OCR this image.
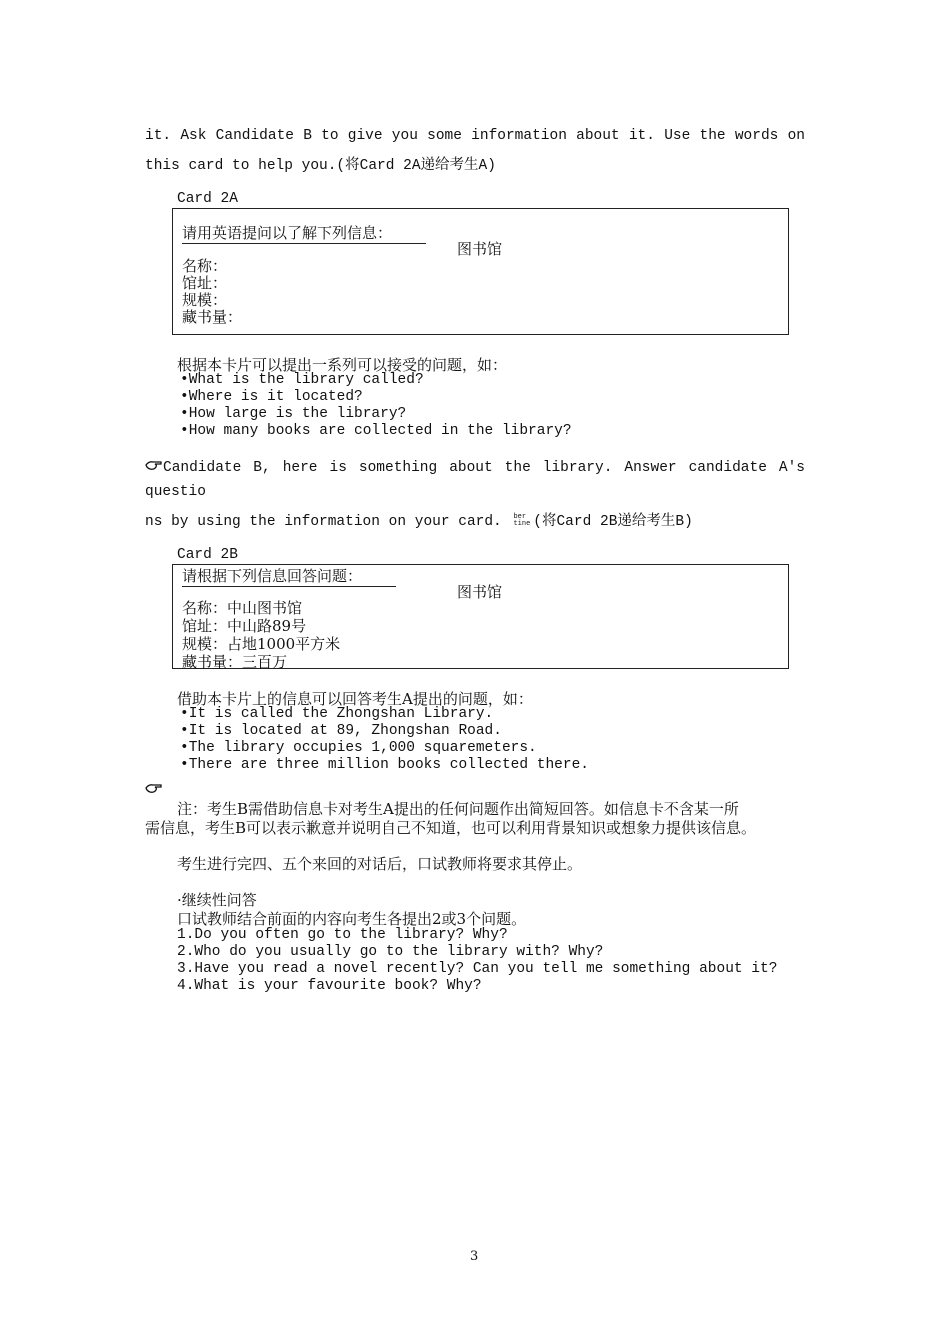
it. Ask Candidate B to give you some information about it. Use the words on
this card to help you.(将Card 2A递给考生A)
Card 2A
请用英语提问以了解下列信息：
图书馆
名称：
馆址：
规模：
藏书量：
根据本卡片可以提出一系列可以接受的问题，如：
•What is the library called?
•Where is it located?
•How large is the library?
•How many books are collected in the library?
Candidate B, here is something about the library. Answer candidate A's
questio
ns by using the information on your card. ber
tine (将Card 2B递给考生B)
Card 2B
请根据下列信息回答问题：
图书馆
名称：中山图书馆
馆址：中山路89号
规模：占地1000平方米
藏书量：三百万
借助本卡片上的信息可以回答考生A提出的问题，如：
•It is called the Zhongshan Library.
•It is located at 89, Zhongshan Road.
•The library occupies 1,000 squaremeters.
•There are three million books collected there.
注：考生B需借助信息卡对考生A提出的任何问题作出简短回答。如信息卡不含某一所
需信息，考生B可以表示歉意并说明自己不知道，也可以利用背景知识或想象力提供该信息。
考生进行完四、五个来回的对话后，口试教师将要求其停止。
·继续性问答
口试教师结合前面的内容向考生各提出2或3个问题。
1.Do you often go to the library? Why?
2.Who do you usually go to the library with? Why?
3.Have you read a novel recently? Can you tell me something about it?
4.What is your favourite book? Why?
3
